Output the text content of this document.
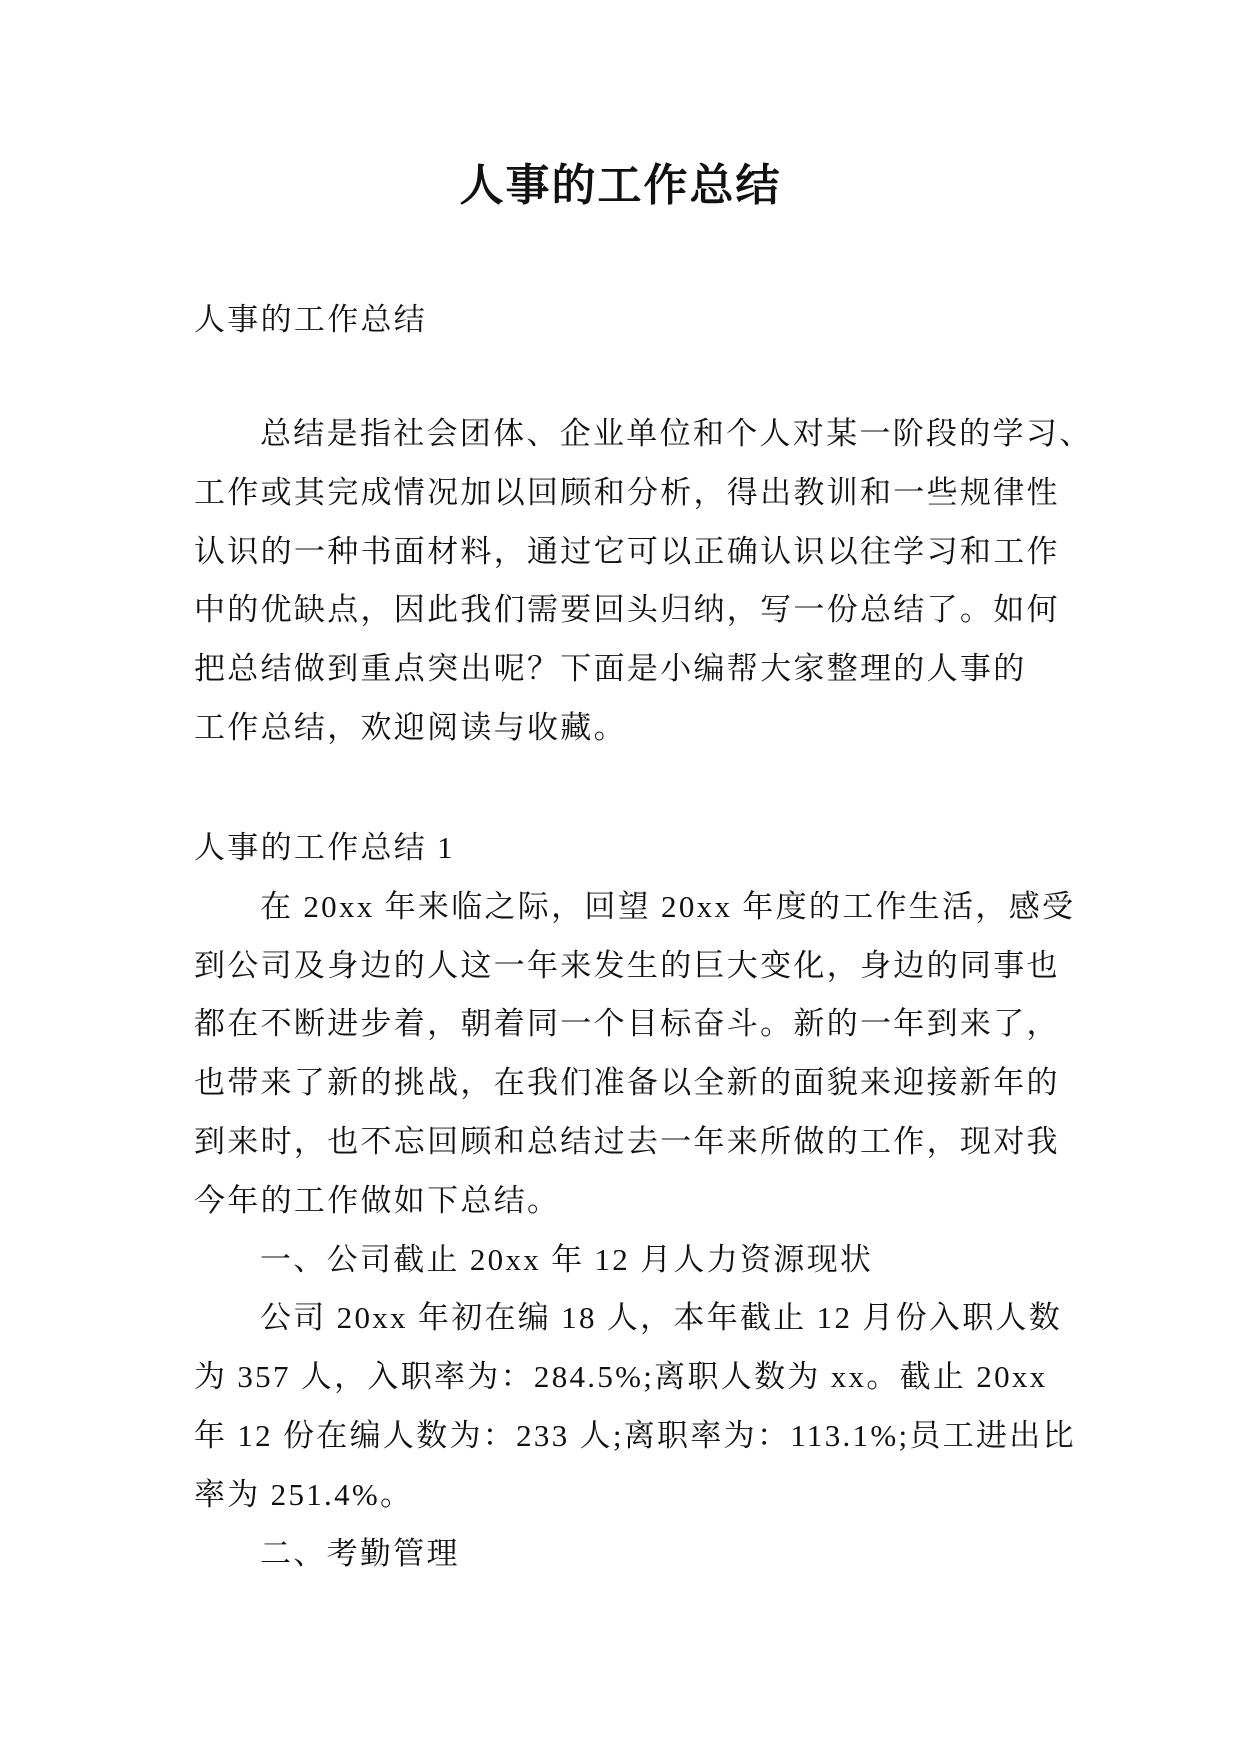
人事的工作总结
人事的工作总结
总结是指社会团体、企业单位和个人对某一阶段的学习、
工作或其完成情况加以回顾和分析，得出教训和一些规律性
认识的一种书面材料，通过它可以正确认识以往学习和工作
中的优缺点，因此我们需要回头归纳，写一份总结了。如何
把总结做到重点突出呢？下面是小编帮大家整理的人事的
工作总结，欢迎阅读与收藏。
人事的工作总结 1
在 20xx 年来临之际，回望 20xx 年度的工作生活，感受
到公司及身边的人这一年来发生的巨大变化，身边的同事也
都在不断进步着，朝着同一个目标奋斗。新的一年到来了，
也带来了新的挑战，在我们准备以全新的面貌来迎接新年的
到来时，也不忘回顾和总结过去一年来所做的工作，现对我
今年的工作做如下总结。
一、公司截止 20xx 年 12 月人力资源现状
公司 20xx 年初在编 18 人，本年截止 12 月份入职人数
为 357 人，入职率为：284.5%;离职人数为 xx。截止 20xx
年 12 份在编人数为：233 人;离职率为：113.1%;员工进出比
率为 251.4%。
二、考勤管理
